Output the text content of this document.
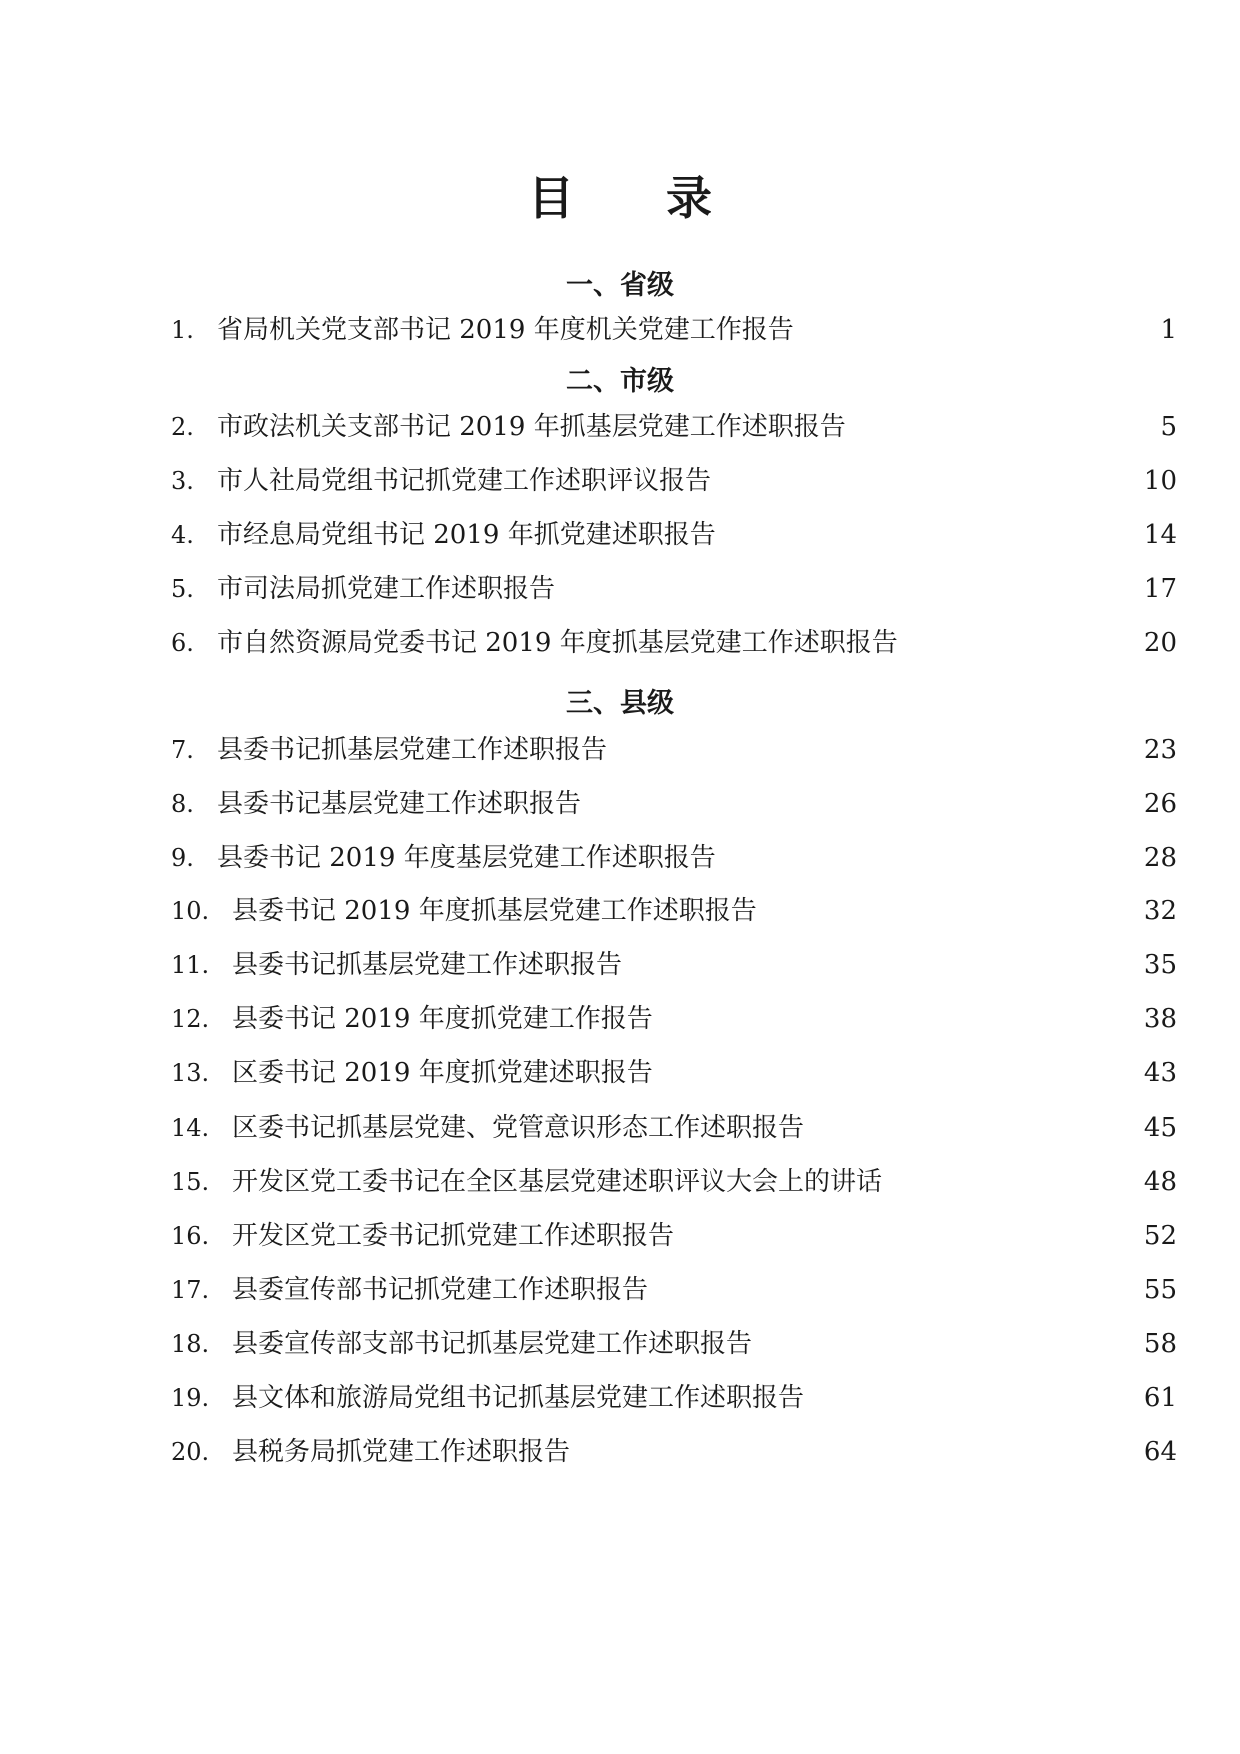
目 录
一、省级
1. 省局机关党支部书记 2019 年度机关党建工作报告	1
二、市级
2. 市政法机关支部书记 2019 年抓基层党建工作述职报告	5
3. 市人社局党组书记抓党建工作述职评议报告	10
4. 市经息局党组书记 2019 年抓党建述职报告	14
5. 市司法局抓党建工作述职报告	17
6. 市自然资源局党委书记 2019 年度抓基层党建工作述职报告	20
三、县级
7. 县委书记抓基层党建工作述职报告	23
8. 县委书记基层党建工作述职报告	26
9. 县委书记 2019 年度基层党建工作述职报告	28
10. 县委书记 2019 年度抓基层党建工作述职报告	32
11. 县委书记抓基层党建工作述职报告	35
12. 县委书记 2019 年度抓党建工作报告	38
13. 区委书记 2019 年度抓党建述职报告	43
14. 区委书记抓基层党建、党管意识形态工作述职报告	45
15. 开发区党工委书记在全区基层党建述职评议大会上的讲话	48
16. 开发区党工委书记抓党建工作述职报告	52
17. 县委宣传部书记抓党建工作述职报告	55
18. 县委宣传部支部书记抓基层党建工作述职报告	58
19. 县文体和旅游局党组书记抓基层党建工作述职报告	61
20. 县税务局抓党建工作述职报告	64
